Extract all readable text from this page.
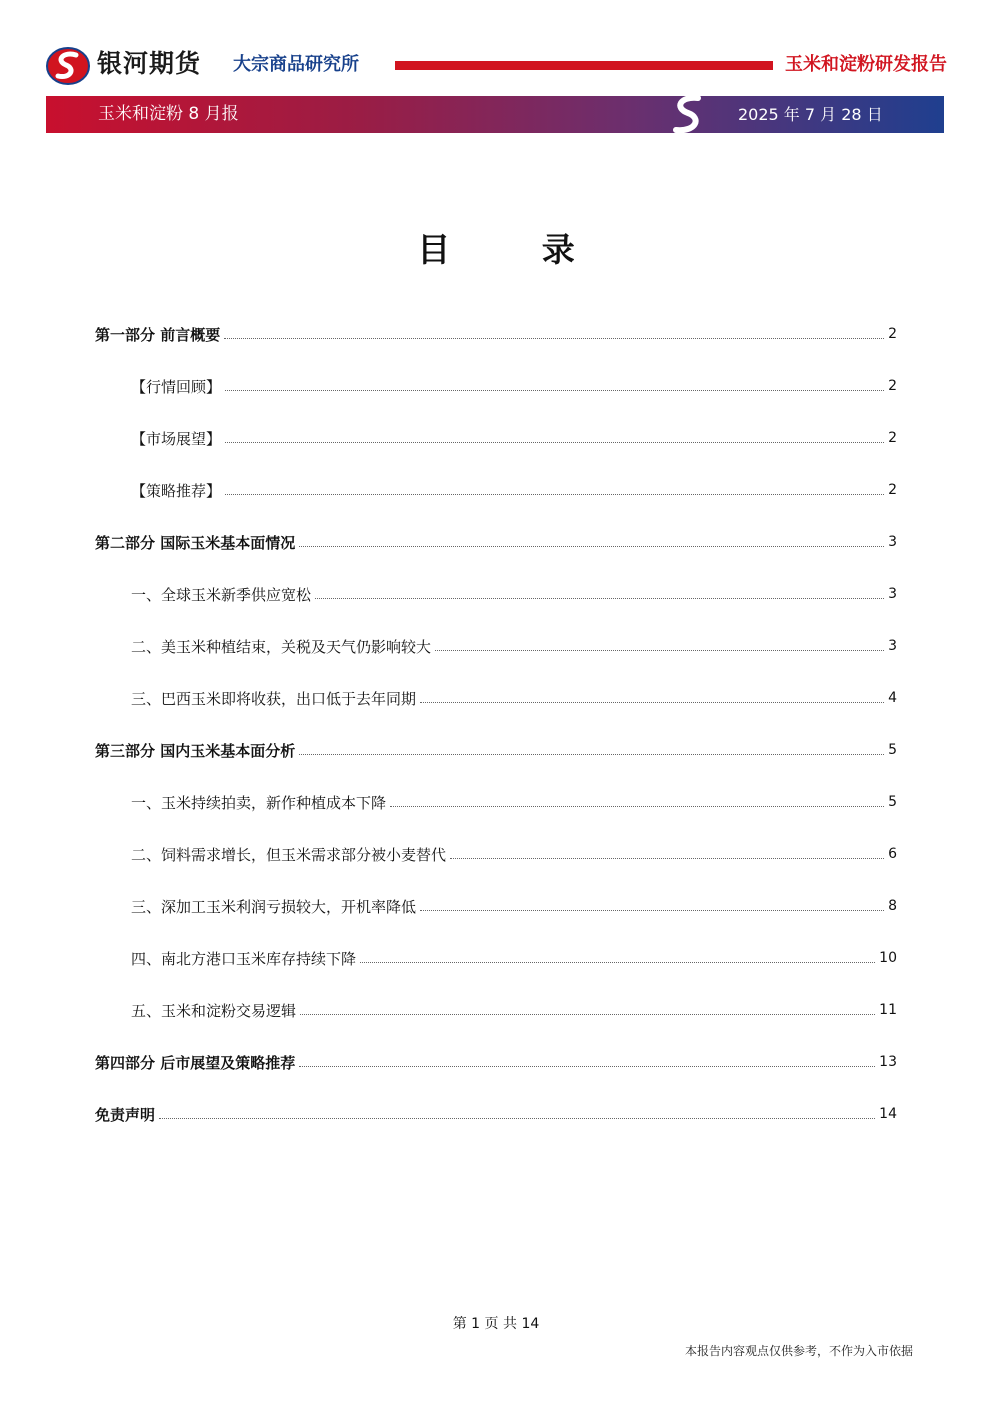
银河期货 大宗商品研究所	玉米和淀粉研发报告
玉米和淀粉 8 月报	2025 年 7 月 28 日
目 录
第一部分 前言概要	2
【行情回顾】	2
【市场展望】	2
【策略推荐】	2
第二部分 国际玉米基本面情况	3
一、全球玉米新季供应宽松	3
二、美玉米种植结束，关税及天气仍影响较大	3
三、巴西玉米即将收获，出口低于去年同期	4
第三部分 国内玉米基本面分析	5
一、玉米持续拍卖，新作种植成本下降	5
二、饲料需求增长，但玉米需求部分被小麦替代	6
三、深加工玉米利润亏损较大，开机率降低	8
四、南北方港口玉米库存持续下降	10
五、玉米和淀粉交易逻辑	11
第四部分 后市展望及策略推荐	13
免责声明	14
第 1 页 共 14
本报告内容观点仅供参考，不作为入市依据
